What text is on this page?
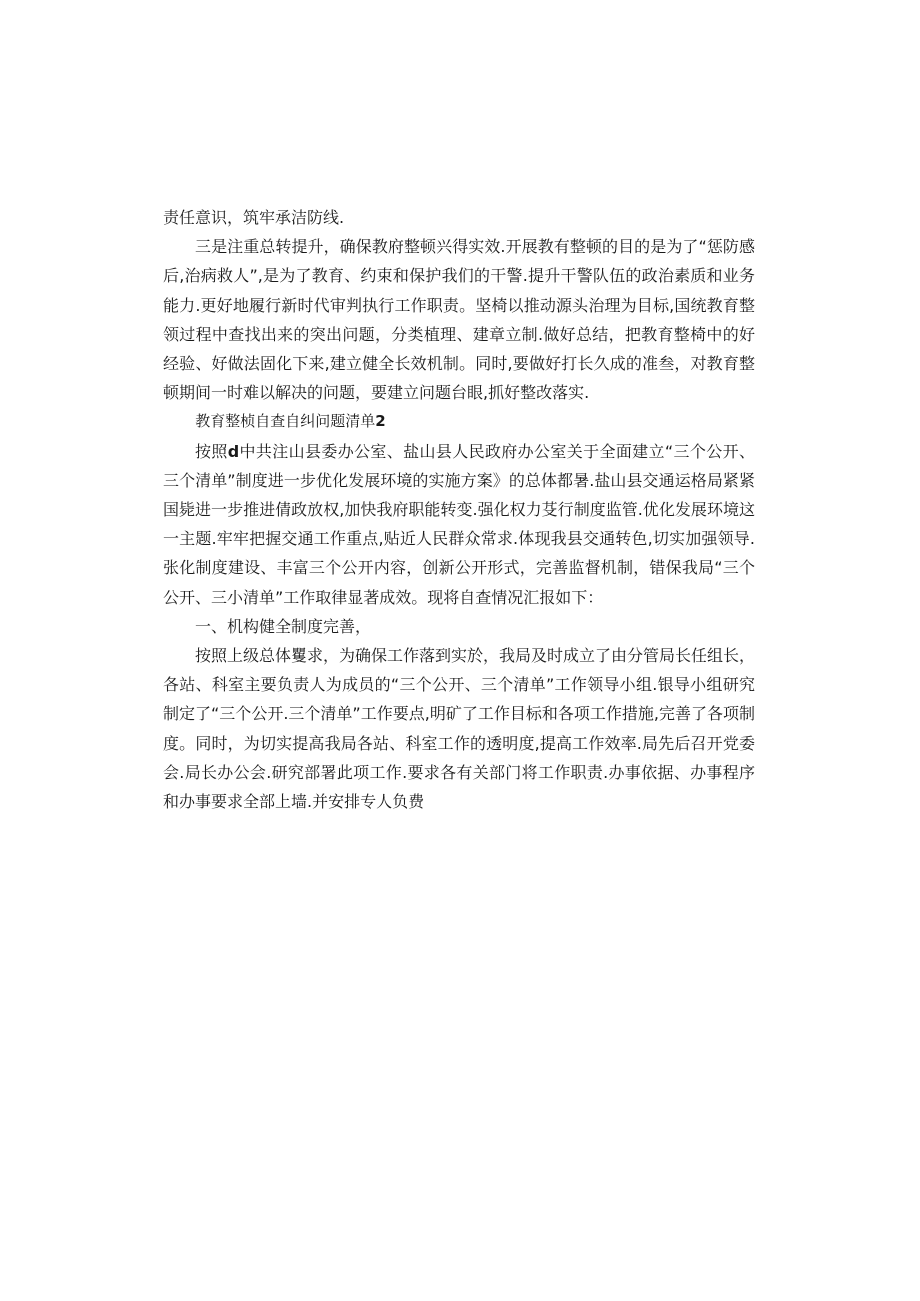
责任意识，筑牢承洁防线.

三是注重总转提升，确保教府整顿兴得实效.开展教有整顿的目的是为了“惩防感后,治病救人”,是为了教育、约束和保护我们的干警.提升干警队伍的政治素质和业务能力.更好地履行新时代审判执行工作职责。坚椅以推动源头治理为目标,国统教育整领过程中查找出来的突出问题，分类植理、建章立制.做好总结，把教育整椅中的好经验、好做法固化下来,建立健全长效机制。同时,要做好打长久成的准叁，对教育整顿期间一时难以解决的问题，要建立问题台眼,抓好整改落实.

教育整桢自查自纠问题清单2

按照d中共注山县委办公室、盐山县人民政府办公室关于全面建立“三个公开、三个清单”制度进一步优化发展环境的实施方案》的总体都暑.盐山县交通运格局紧紧国毙进一步推进倩政放权,加快我府职能转变.强化权力芟行制度监管.优化发展环境这一主题.牢牢把握交通工作重点,贴近人民群众常求.体现我县交通转色,切实加强领导.张化制度建设、丰富三个公开内容，创新公开形式，完善监督机制，错保我局“三个公开、三小清单”工作取律显著成效。现将自查情况汇报如下：

一、机构健全制度完善，

按照上级总体矍求，为确保工作落到实於，我局及时成立了由分管局长任组长，各站、科室主要负责人为成员的“三个公开、三个清单”工作领导小组.银导小组研究制定了“三个公开.三个清单”工作要点,明矿了工作目标和各项工作措施,完善了各项制度。同时，为切实提高我局各站、科室工作的透明度,提高工作效率.局先后召开党委会.局长办公会.研究部署此项工作.要求各有关部门将工作职责.办事依据、办事程序和办事要求全部上墙.并安排专人负费
